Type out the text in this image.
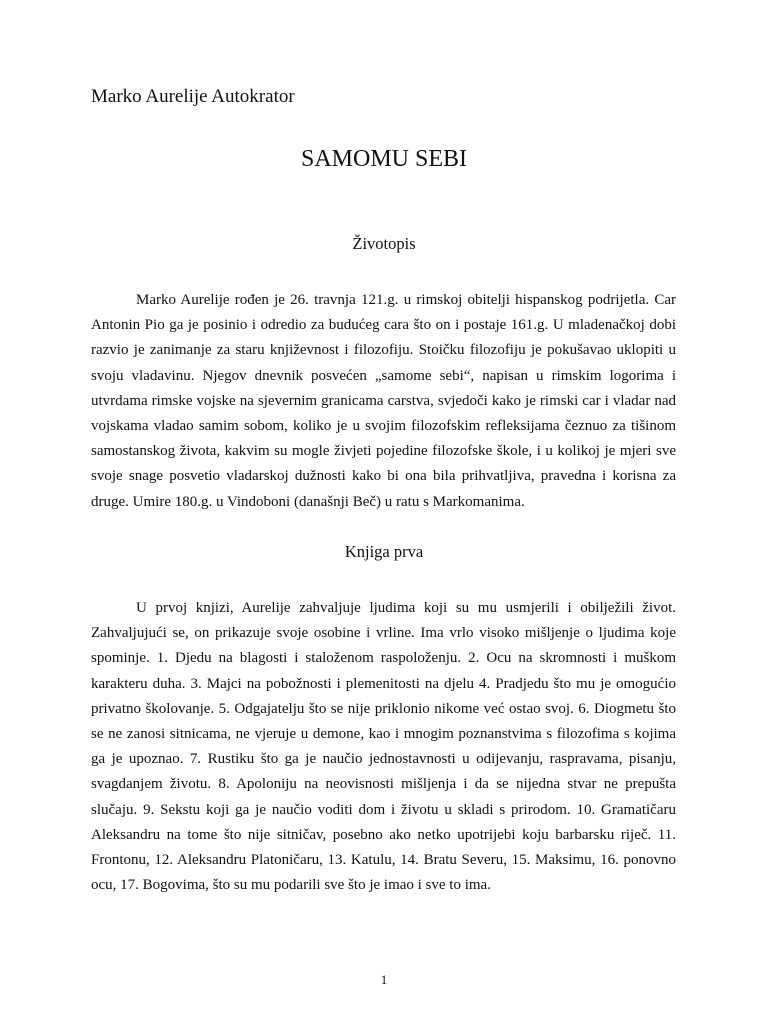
Marko Aurelije Autokrator
SAMOMU SEBI
Životopis

Marko Aurelije rođen je 26. travnja 121.g. u rimskoj obitelji hispanskog podrijetla. Car Antonin Pio ga je posinio i odredio za budućeg cara što on i postaje 161.g. U mladenačkoj dobi razvio je zanimanje za staru književnost i filozofiju. Stoičku filozofiju je pokušavao uklopiti u svoju vladavinu. Njegov dnevnik posvećen „samome sebi“, napisan u rimskim logorima i utvrdama rimske vojske na sjevernim granicama carstva, svjedoči kako je rimski car i vladar nad vojskama vladao samim sobom, koliko je u svojim filozofskim refleksijama čeznuo za tišinom samostanskog života, kakvim su mogle živjeti pojedine filozofske škole, i u kolikoj je mjeri sve svoje snage posvetio vladarskoj dužnosti kako bi ona bila prihvatljiva, pravedna i korisna za druge. Umire 180.g. u Vindoboni (današnji Beč) u ratu s Markomanima.

Knjiga prva

U prvoj knjizi, Aurelije zahvaljuje ljudima koji su mu usmjerili i obilježili život. Zahvaljujući se, on prikazuje svoje osobine i vrline. Ima vrlo visoko mišljenje o ljudima koje spominje. 1. Djedu na blagosti i staloženom raspoloženju. 2. Ocu na skromnosti i muškom karakteru duha. 3. Majci na pobožnosti i plemenitosti na djelu 4. Pradjedu što mu je omogućio privatno školovanje. 5. Odgajatelju što se nije priklonio nikome već ostao svoj. 6. Diogmetu što se ne zanosi sitnicama, ne vjeruje u demone, kao i mnogim poznanstvima s filozofima s kojima ga je upoznao. 7. Rustiku što ga je naučio jednostavnosti u odijevanju, raspravama, pisanju, svagdanjem životu. 8. Apoloniju na neovisnosti mišljenja i da se nijedna stvar ne prepušta slučaju. 9. Sekstu koji ga je naučio voditi dom i životu u skladi s prirodom. 10. Gramatičaru Aleksandru na tome što nije sitničav, posebno ako netko upotrijebi koju barbarsku riječ. 11. Frontonu, 12. Aleksandru Platoničaru, 13. Katulu, 14. Bratu Severu, 15. Maksimu, 16. ponovno ocu, 17. Bogovima, što su mu podarili sve što je imao i sve to ima.

1
